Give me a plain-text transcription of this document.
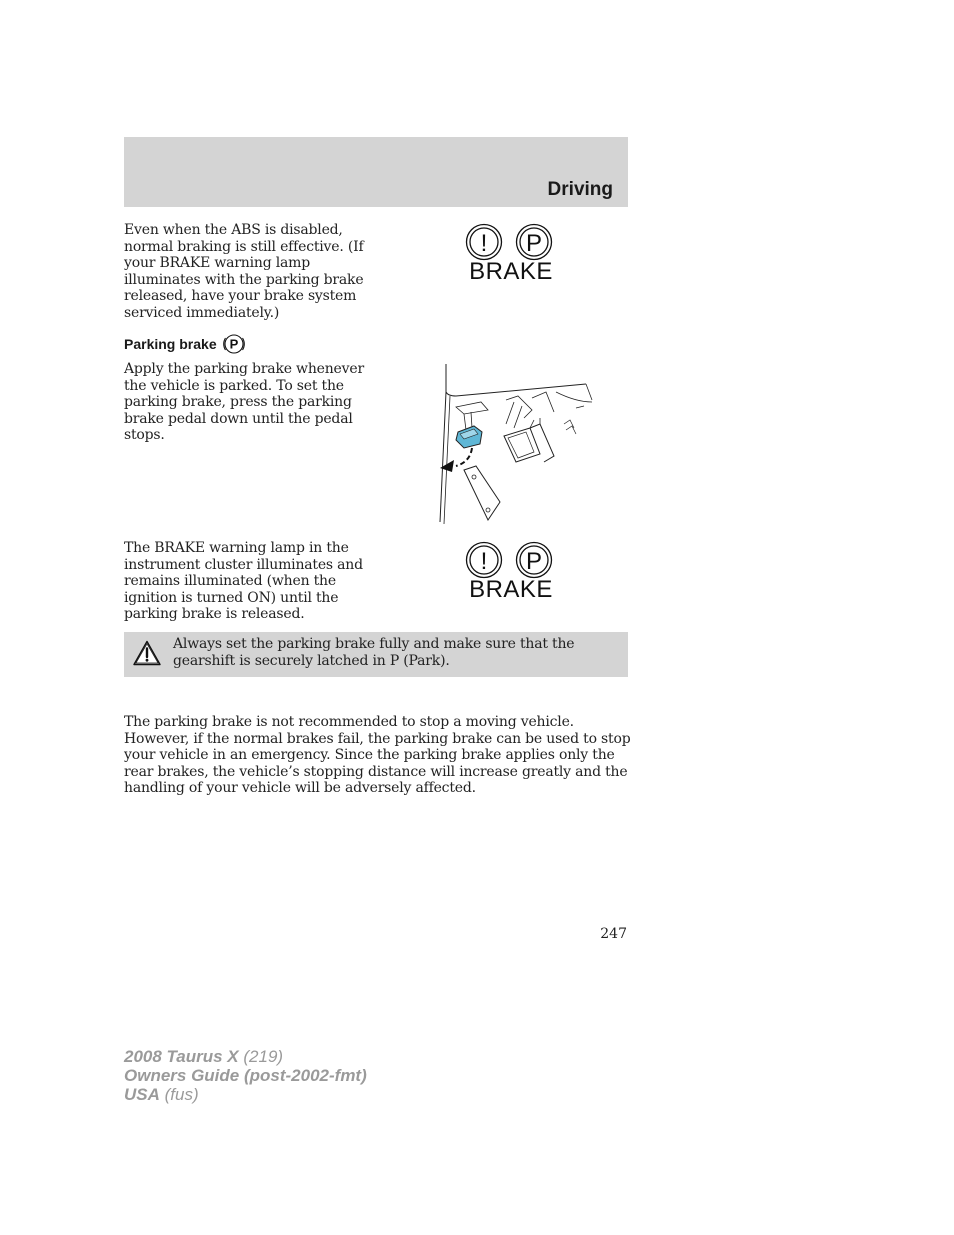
Driving
Even when the ABS is disabled, normal braking is still effective. (If your BRAKE warning lamp illuminates with the parking brake released, have your brake system serviced immediately.)
! P
BRAKE
Parking brake P
Apply the parking brake whenever the vehicle is parked. To set the parking brake, press the parking brake pedal down until the pedal stops.
The BRAKE warning lamp in the instrument cluster illuminates and remains illuminated (when the ignition is turned ON) until the parking brake is released.
! P
BRAKE
Always set the parking brake fully and make sure that the gearshift is securely latched in P (Park).
The parking brake is not recommended to stop a moving vehicle. However, if the normal brakes fail, the parking brake can be used to stop your vehicle in an emergency. Since the parking brake applies only the rear brakes, the vehicle’s stopping distance will increase greatly and the handling of your vehicle will be adversely affected.
247
2008 Taurus X (219)
Owners Guide (post-2002-fmt)
USA (fus)
